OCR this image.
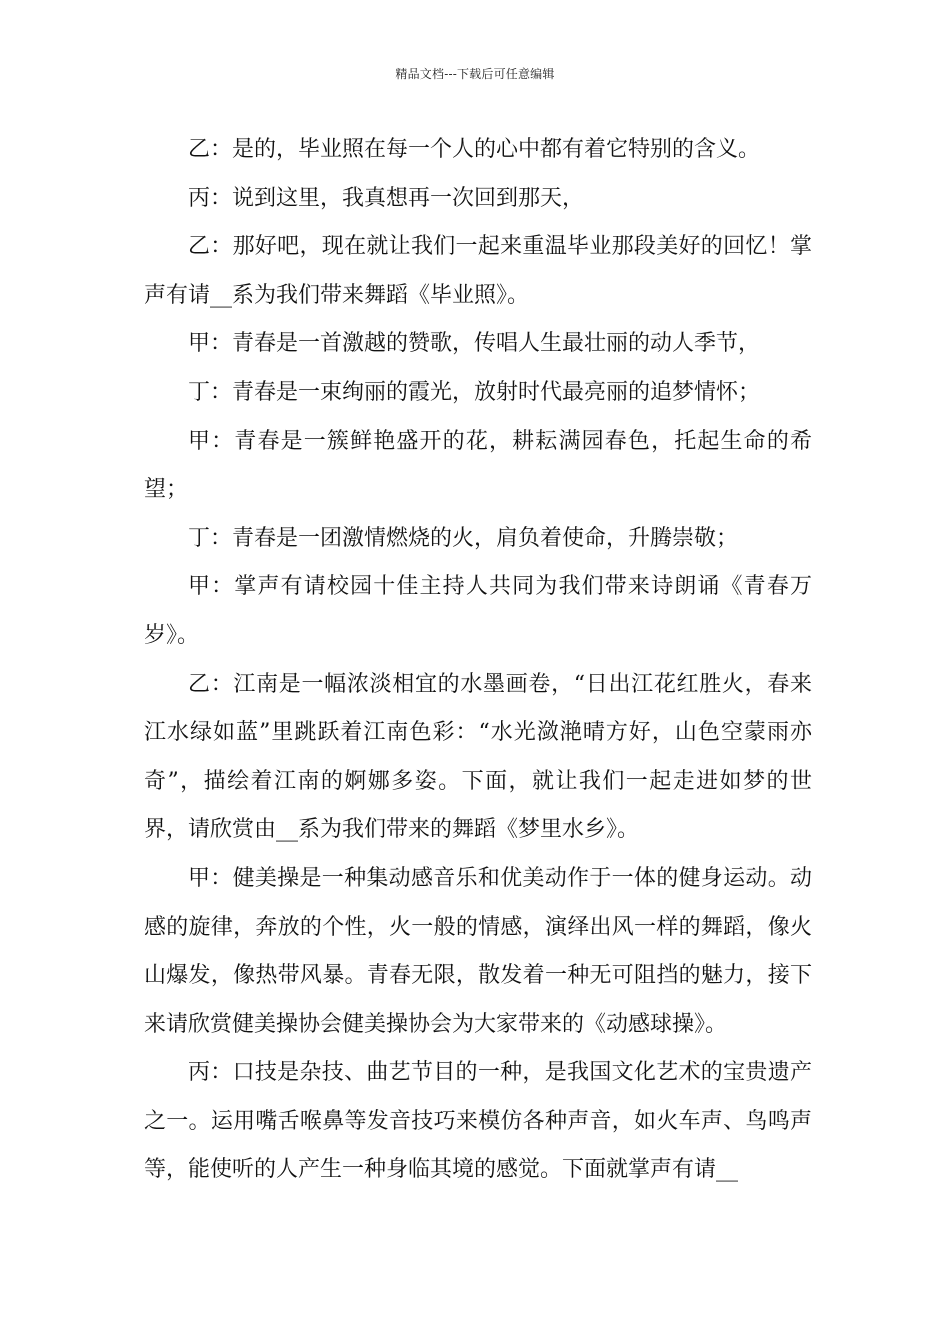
精品文档---下载后可任意编辑

乙：是的，毕业照在每一个人的心中都有着它特别的含义。

丙：说到这里，我真想再一次回到那天，

乙：那好吧，现在就让我们一起来重温毕业那段美好的回忆！掌声有请__系为我们带来舞蹈《毕业照》。

甲：青春是一首激越的赞歌，传唱人生最壮丽的动人季节，

丁：青春是一束绚丽的霞光，放射时代最亮丽的追梦情怀；

甲：青春是一簇鲜艳盛开的花，耕耘满园春色，托起生命的希望；

丁：青春是一团激情燃烧的火，肩负着使命，升腾崇敬；

甲：掌声有请校园十佳主持人共同为我们带来诗朗诵《青春万岁》。

乙：江南是一幅浓淡相宜的水墨画卷，“日出江花红胜火，春来江水绿如蓝”里跳跃着江南色彩：“水光潋滟晴方好，山色空蒙雨亦奇”，描绘着江南的婀娜多姿。下面，就让我们一起走进如梦的世界，请欣赏由__系为我们带来的舞蹈《梦里水乡》。

甲：健美操是一种集动感音乐和优美动作于一体的健身运动。动感的旋律，奔放的个性，火一般的情感，演绎出风一样的舞蹈，像火山爆发，像热带风暴。青春无限，散发着一种无可阻挡的魅力，接下来请欣赏健美操协会健美操协会为大家带来的《动感球操》。

丙：口技是杂技、曲艺节目的一种，是我国文化艺术的宝贵遗产之一。运用嘴舌喉鼻等发音技巧来模仿各种声音，如火车声、鸟鸣声等，能使听的人产生一种身临其境的感觉。下面就掌声有请__
